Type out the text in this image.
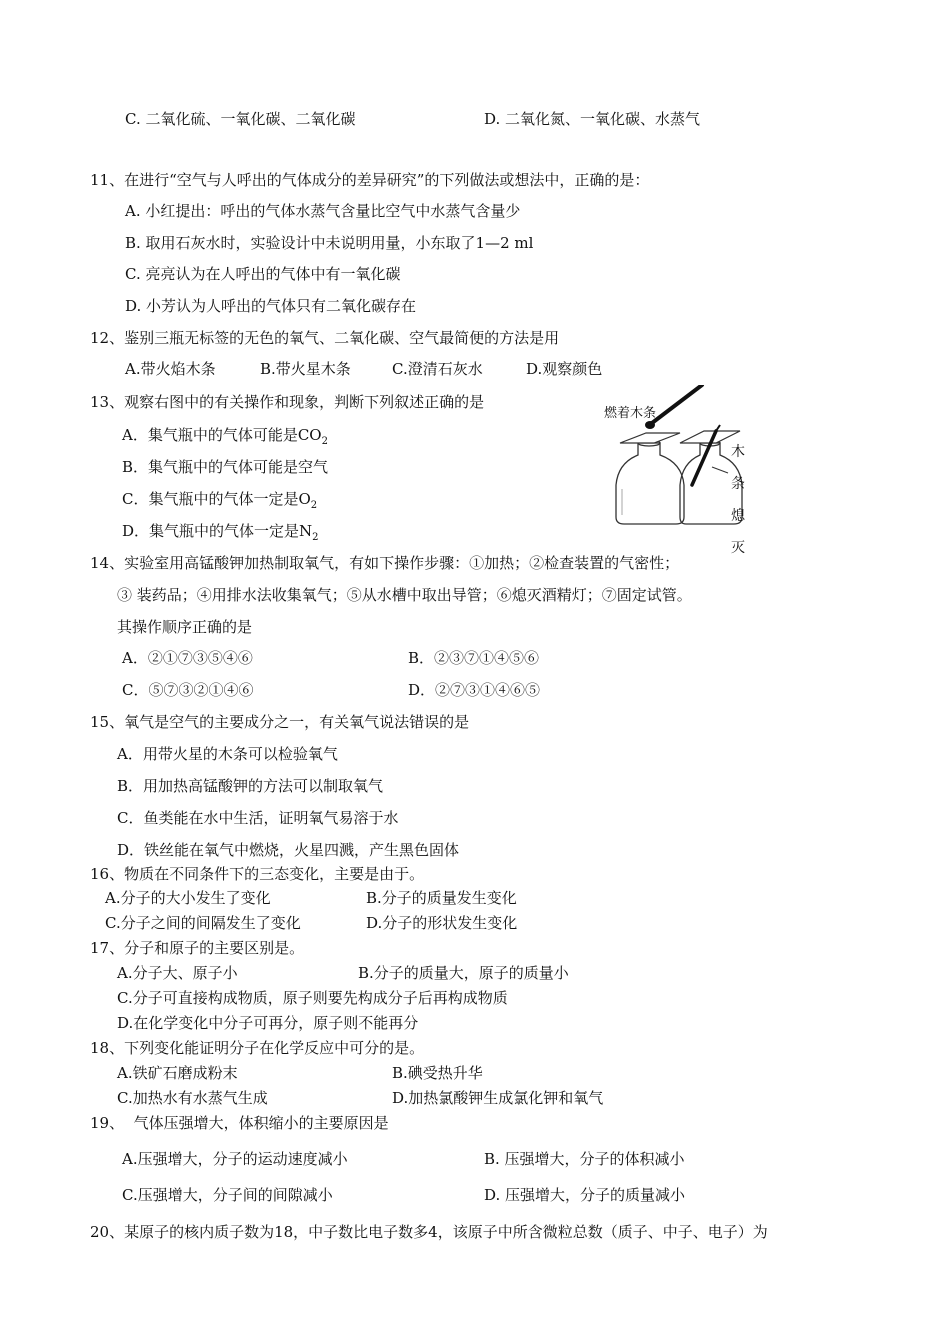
C. 二氧化硫、一氧化碳、二氧化碳	D. 二氧化氮、一氧化碳、水蒸气
11、在进行“空气与人呼出的气体成分的差异研究”的下列做法或想法中，正确的是：
A. 小红提出：呼出的气体水蒸气含量比空气中水蒸气含量少
B. 取用石灰水时，实验设计中未说明用量，小东取了1—2 ml
C. 亮亮认为在人呼出的气体中有一氧化碳
D. 小芳认为人呼出的气体只有二氧化碳存在
12、鉴别三瓶无标签的无色的氧气、二氧化碳、空气最简便的方法是用
A.带火焰木条	B.带火星木条	C.澄清石灰水	D.观察颜色
13、观察右图中的有关操作和现象，判断下列叙述正确的是
A．集气瓶中的气体可能是$CO_2$
B．集气瓶中的气体可能是空气
C．集气瓶中的气体一定是$O_2$
D．集气瓶中的气体一定是$N_2$
燃着木条
木
条
熄
灭
14、实验室用高锰酸钾加热制取氧气，有如下操作步骤：①加热；②检查装置的气密性；
③ 装药品；④用排水法收集氧气；⑤从水槽中取出导管；⑥熄灭酒精灯；⑦固定试管。
其操作顺序正确的是
A．②①⑦③⑤④⑥	B．②③⑦①④⑤⑥
C．⑤⑦③②①④⑥	D．②⑦③①④⑥⑤
15、氧气是空气的主要成分之一，有关氧气说法错误的是
A．用带火星的木条可以检验氧气
B．用加热高锰酸钾的方法可以制取氧气
C．鱼类能在水中生活，证明氧气易溶于水
D．铁丝能在氧气中燃烧，火星四溅，产生黑色固体
16、物质在不同条件下的三态变化，主要是由于。
A.分子的大小发生了变化	B.分子的质量发生变化
C.分子之间的间隔发生了变化	D.分子的形状发生变化
17、分子和原子的主要区别是。
A.分子大、原子小	B.分子的质量大，原子的质量小
C.分子可直接构成物质，原子则要先构成分子后再构成物质
D.在化学变化中分子可再分，原子则不能再分
18、下列变化能证明分子在化学反应中可分的是。
A.铁矿石磨成粉末	B.碘受热升华
C.加热水有水蒸气生成	D.加热氯酸钾生成氯化钾和氧气
19、  气体压强增大，体积缩小的主要原因是
A.压强增大，分子的运动速度减小	B. 压强增大，分子的体积减小
C.压强增大，分子间的间隙减小	D. 压强增大，分子的质量减小
20、某原子的核内质子数为18，中子数比电子数多4，该原子中所含微粒总数（质子、中子、电子）为
